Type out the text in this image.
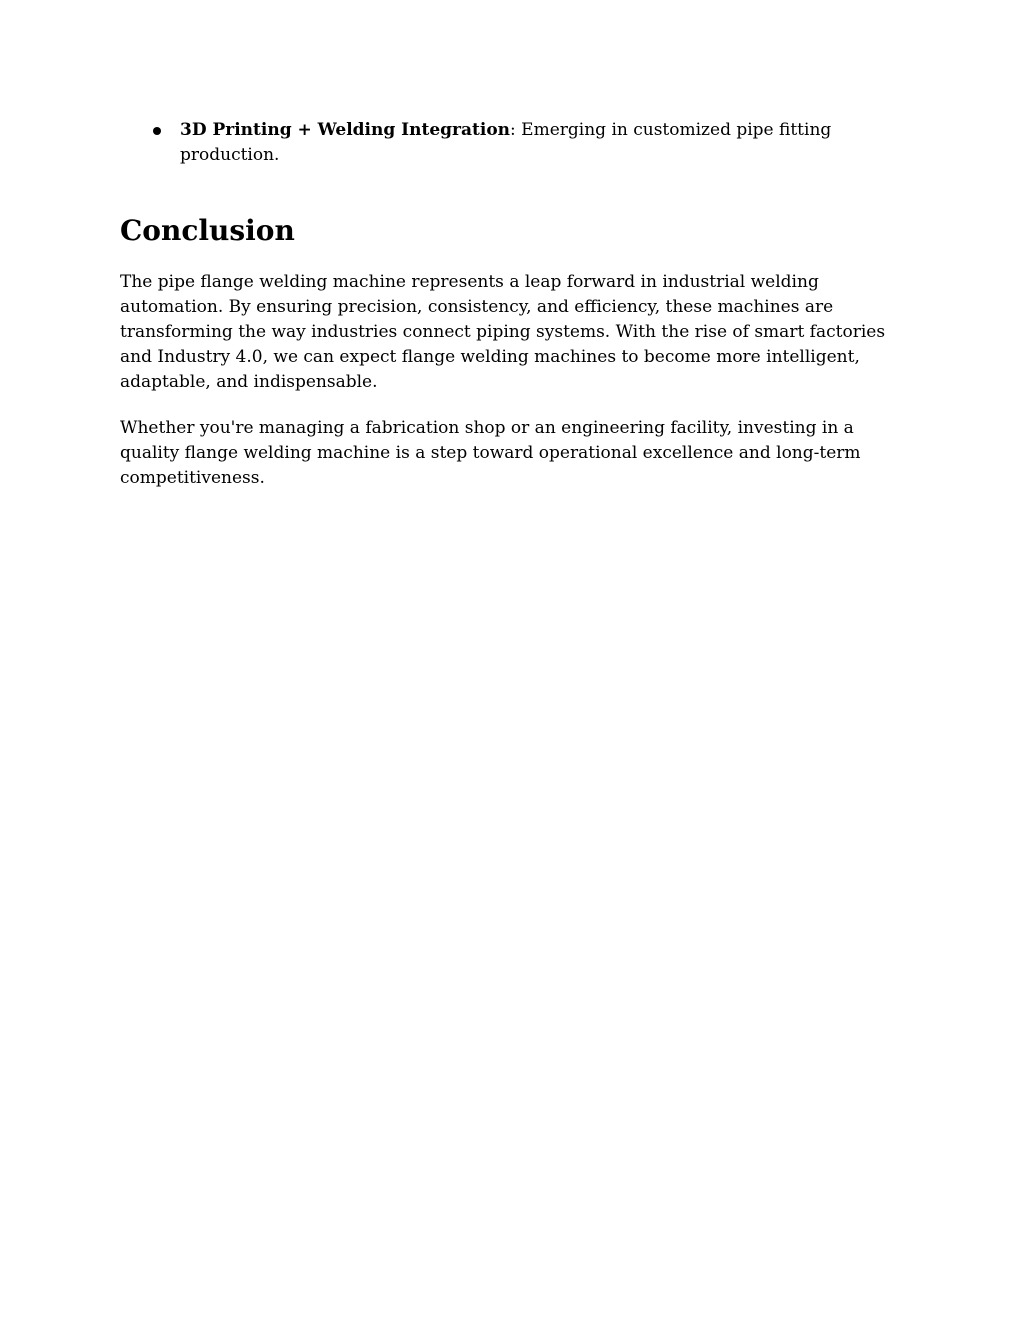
3D Printing + Welding Integration: Emerging in customized pipe fitting production.
Conclusion

The pipe flange welding machine represents a leap forward in industrial welding automation. By ensuring precision, consistency, and efficiency, these machines are transforming the way industries connect piping systems. With the rise of smart factories and Industry 4.0, we can expect flange welding machines to become more intelligent, adaptable, and indispensable.

Whether you're managing a fabrication shop or an engineering facility, investing in a quality flange welding machine is a step toward operational excellence and long-term competitiveness.
